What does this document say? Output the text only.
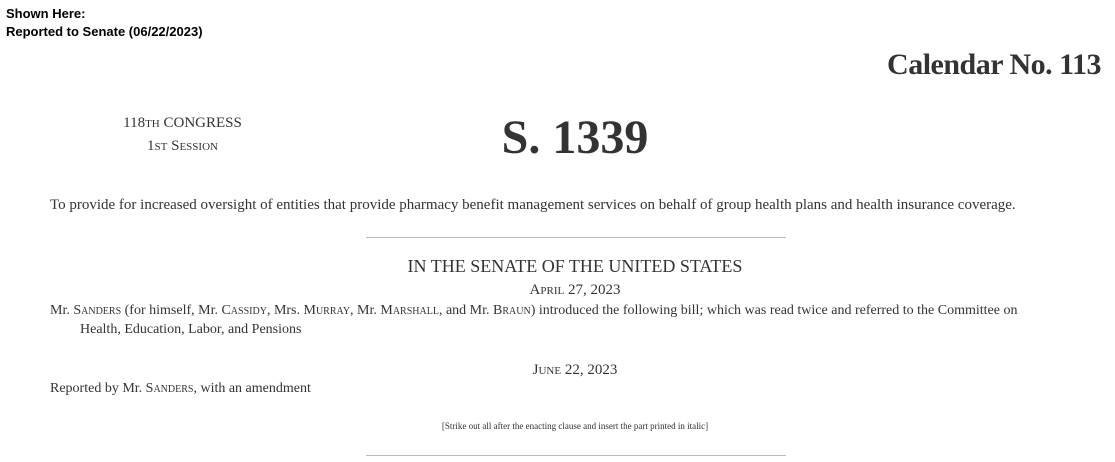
Shown Here:
Reported to Senate (06/22/2023)
Calendar No. 113
118TH CONGRESS
1ST Session	S. 1339
To provide for increased oversight of entities that provide pharmacy benefit management services on behalf of group health plans and health insurance coverage.
IN THE SENATE OF THE UNITED STATES
April 27, 2023
Mr. Sanders (for himself, Mr. Cassidy, Mrs. Murray, Mr. Marshall, and Mr. Braun) introduced the following bill; which was read twice and referred to the Committee on
Health, Education, Labor, and Pensions
June 22, 2023
Reported by Mr. Sanders, with an amendment
[Strike out all after the enacting clause and insert the part printed in italic]
